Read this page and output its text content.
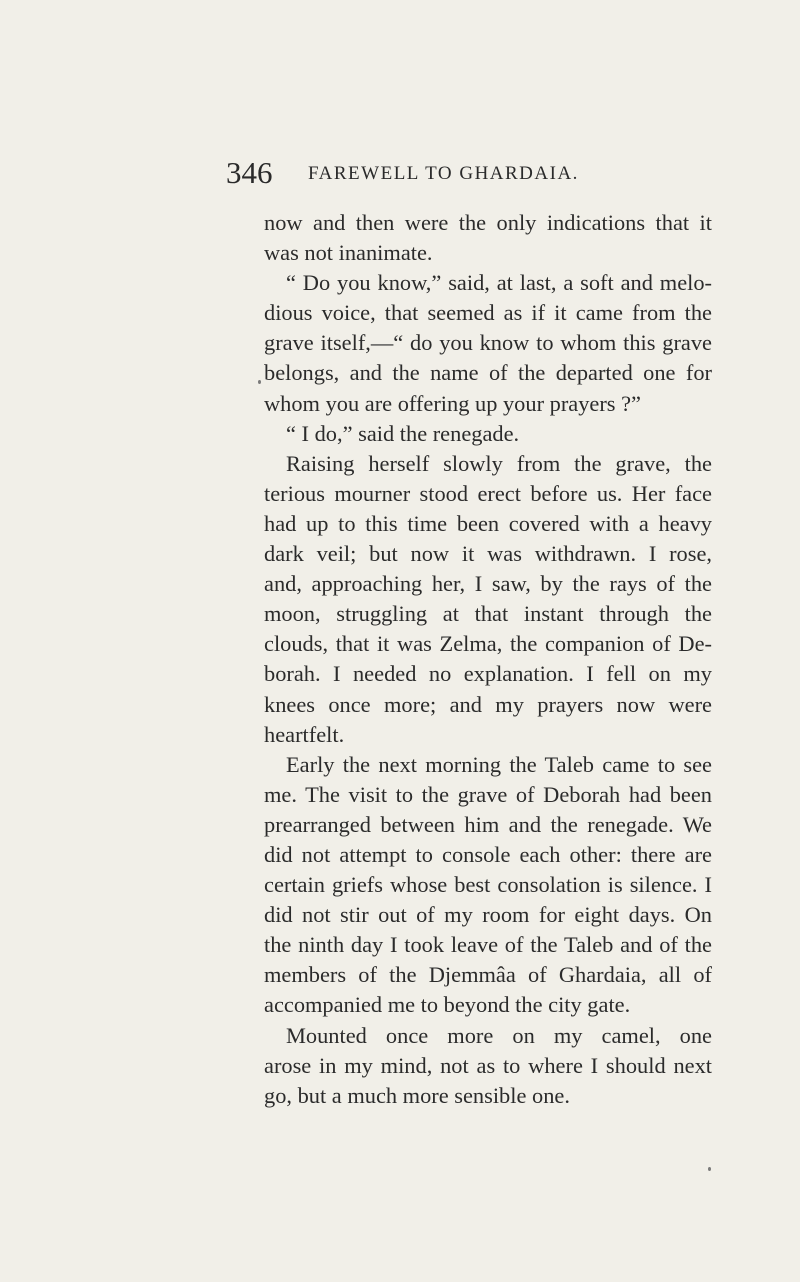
346 FAREWELL TO GHARDAIA.
now and then were the only indications that it
was not inanimate.
“ Do you know,” said, at last, a soft and melo-
dious voice, that seemed as if it came from the
grave itself,—“ do you know to whom this grave
belongs, and the name of the departed one for
whom you are offering up your prayers ?”
“ I do,” said the renegade.
Raising herself slowly from the grave, the
terious mourner stood erect before us. Her face
had up to this time been covered with a heavy
dark veil; but now it was withdrawn. I rose,
and, approaching her, I saw, by the rays of the
moon, struggling at that instant through the
clouds, that it was Zelma, the companion of De-
borah. I needed no explanation. I fell on my
knees once more; and my prayers now were
heartfelt.
Early the next morning the Taleb came to see
me. The visit to the grave of Deborah had been
prearranged between him and the renegade. We
did not attempt to console each other: there are
certain griefs whose best consolation is silence. I
did not stir out of my room for eight days. On
the ninth day I took leave of the Taleb and of the
members of the Djemmâa of Ghardaia, all of
accompanied me to beyond the city gate.
Mounted once more on my camel, one
arose in my mind, not as to where I should next
go, but a much more sensible one.
